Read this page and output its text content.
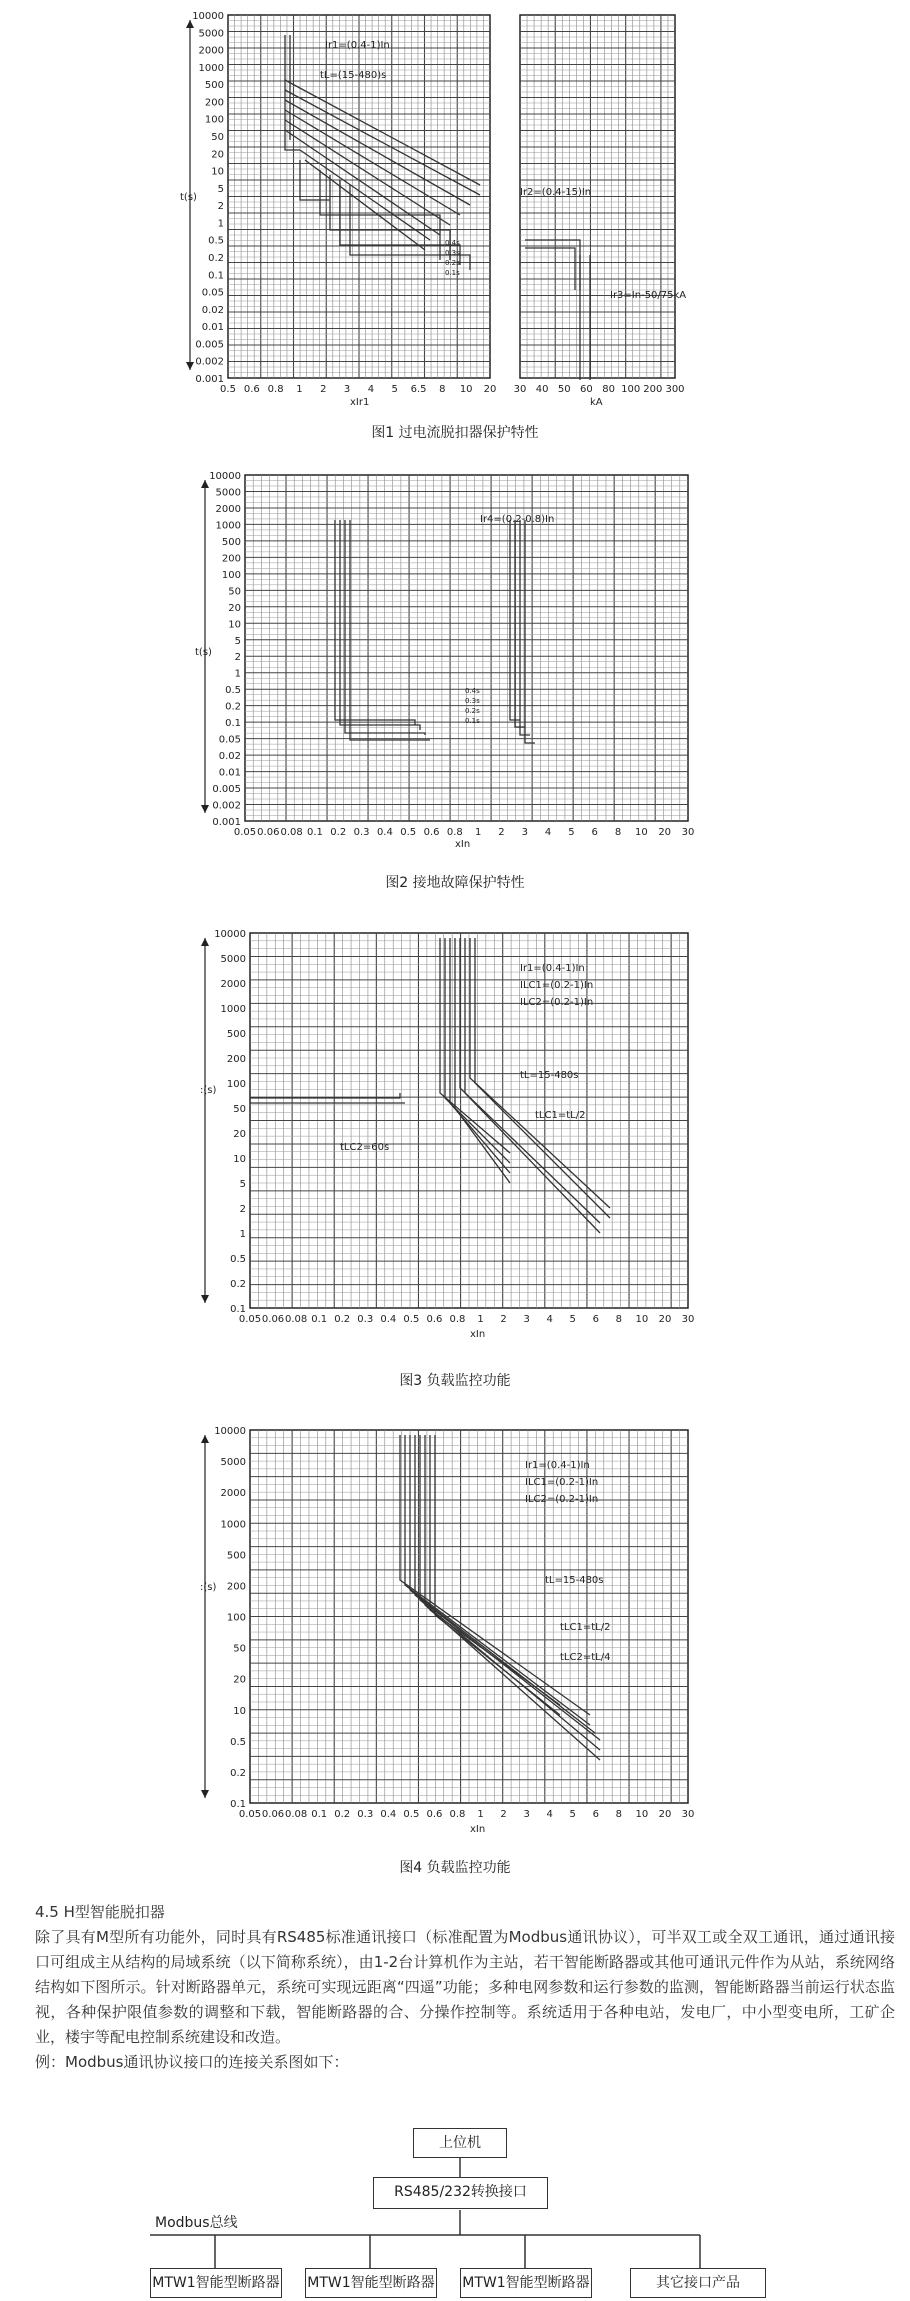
10000
5000
2000
1000
500
200
100
50
20
10
5
2
1
0.5
0.2
0.1
0.05
0.02
0.01
0.005
0.002
0.001
0.5 0.6 0.8 1 2 3 4 5 6.5 8 10 20 30 40 50 60 80 100 200 300
t(s)
xIr1	kA
Ir1=(0.4-1)In
tL=(15-480)s
Ir2=(0.4-15)In
Ir3=In-50/75kA
0.4s
0.3s
0.2s
0.1s
10000
5000
2000
1000
500
200
100
50
20
10
5
2
1
0.5
0.2
0.1
0.05
0.02
0.01
0.005
0.002
0.001
0.05 0.06 0.08 0.1 0.2 0.3 0.4 0.5 0.6 0.8 1 2 3 4 5 6 8 10 20 30
t(s)
xIn
Ir4=(0.2-0.8)In
0.4s
0.3s
0.2s
0.1s
10000
5000
2000
1000
500
200
100
50
20
10
5
2
1
0.5
0.2
0.1
0.05 0.06 0.08 0.1 0.2 0.3 0.4 0.5 0.6 0.8 1 2 3 4 5 6 8 10 20 30
:(s)
xIn
Ir1=(0.4-1)In
ILC1=(0.2-1)In
ILC2=(0.2-1)In
tL=15-480s
tLC1=tL/2
tLC2=60s
10000
5000
2000
1000
500
200
100
50
20
10
0.5
0.2
0.1
0.05 0.06 0.08 0.1 0.2 0.3 0.4 0.5 0.6 0.8 1 2 3 4 5 6 8 10 20 30
:(s)
xIn
Ir1=(0.4-1)In
ILC1=(0.2-1)In
ILC2=(0.2-1)In
tL=15-480s
tLC1=tL/2
tLC2=tL/4
图1 过电流脱扣器保护特性
图2 接地故障保护特性
图3 负载监控功能
图4 负载监控功能

4.5 H型智能脱扣器

除了具有M型所有功能外，同时具有RS485标准通讯接口（标准配置为Modbus通讯协议），可半双工或全双工通讯，通过通讯接口可组成主从结构的局域系统（以下简称系统），由1-2台计算机作为主站，若干智能断路器或其他可通讯元件作为从站，系统网络结构如下图所示。针对断路器单元，系统可实现远距离“四遥”功能；多种电网参数和运行参数的监测，智能断路器当前运行状态监视，各种保护限值参数的调整和下载，智能断路器的合、分操作控制等。系统适用于各种电站，发电厂，中小型变电所，工矿企业，楼宇等配电控制系统建设和改造。

例：Modbus通讯协议接口的连接关系图如下：

上位机
RS485/232转换接口
Modbus总线
MTW1智能型断路器 MTW1智能型断路器 MTW1智能型断路器	其它接口产品
